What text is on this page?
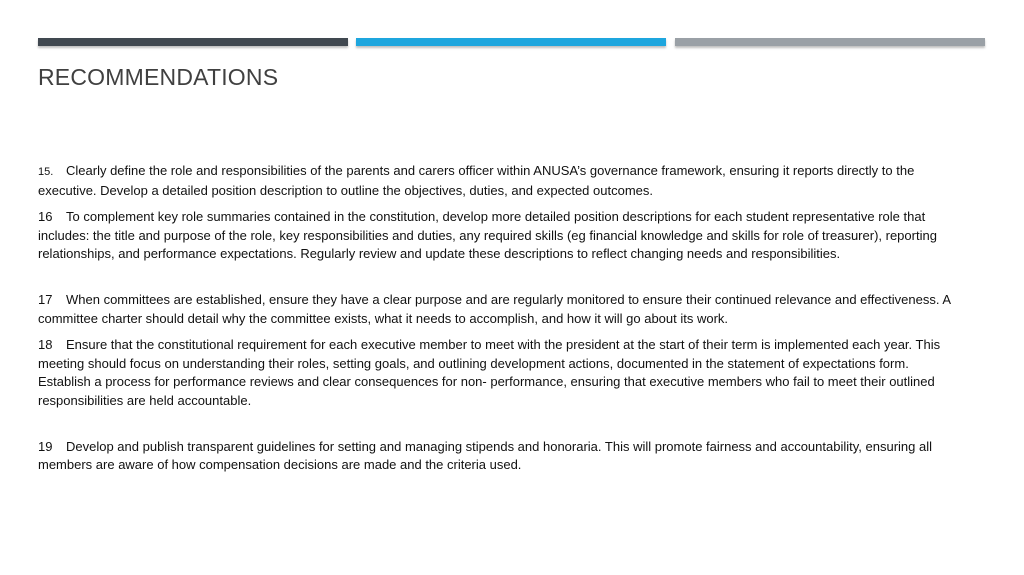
RECOMMENDATIONS

15. Clearly define the role and responsibilities of the parents and carers officer within ANUSA’s governance framework, ensuring it reports directly to the executive. Develop a detailed position description to outline the objectives, duties, and expected outcomes.

16 To complement key role summaries contained in the constitution, develop more detailed position descriptions for each student representative role that includes: the title and purpose of the role, key responsibilities and duties, any required skills (eg financial knowledge and skills for role of treasurer), reporting relationships, and performance expectations. Regularly review and update these descriptions to reflect changing needs and responsibilities.

17 When committees are established, ensure they have a clear purpose and are regularly monitored to ensure their continued relevance and effectiveness. A committee charter should detail why the committee exists, what it needs to accomplish, and how it will go about its work.

18 Ensure that the constitutional requirement for each executive member to meet with the president at the start of their term is implemented each year. This meeting should focus on understanding their roles, setting goals, and outlining development actions, documented in the statement of expectations form. Establish a process for performance reviews and clear consequences for non- performance, ensuring that executive members who fail to meet their outlined responsibilities are held accountable.

19 Develop and publish transparent guidelines for setting and managing stipends and honoraria. This will promote fairness and accountability, ensuring all members are aware of how compensation decisions are made and the criteria used.
